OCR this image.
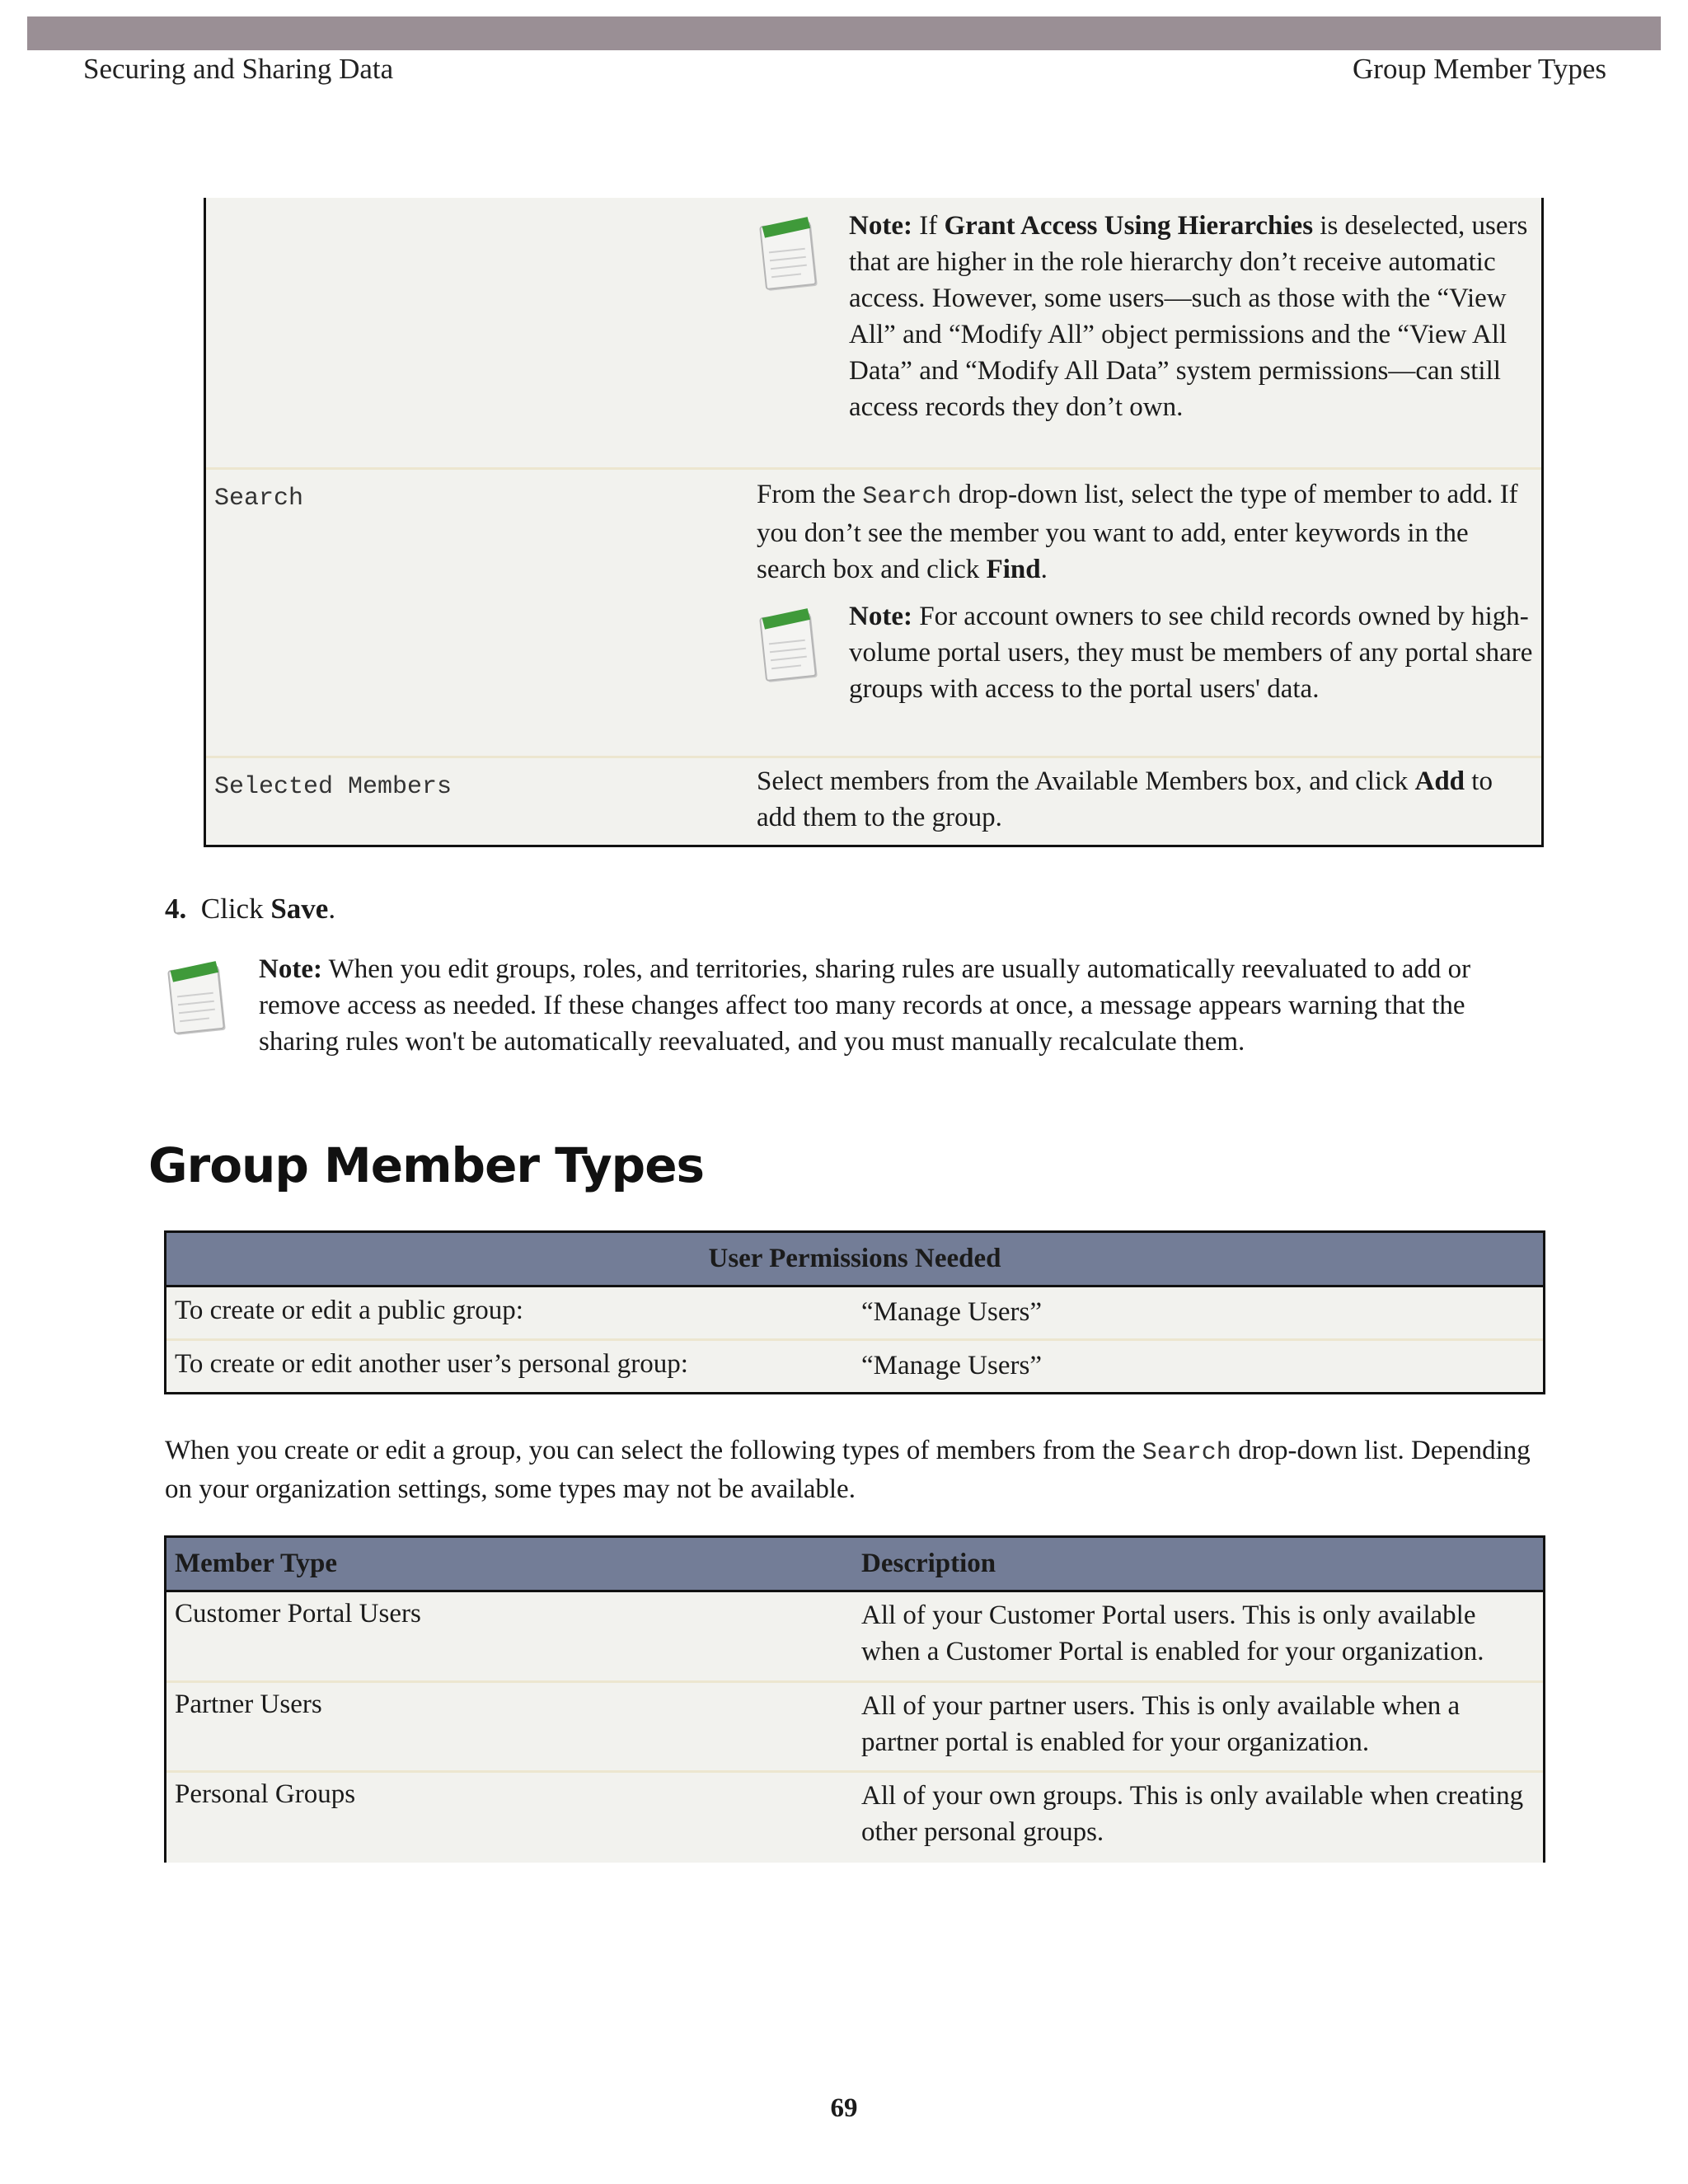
Securing and Sharing Data	Group Member Types
Note: If Grant Access Using Hierarchies is deselected, users that are higher in the role hierarchy don’t receive automatic access. However, some users—such as those with the “View All” and “Modify All” object permissions and the “View All Data” and “Modify All Data” system permissions—can still access records they don’t own.
Search	From the Search drop-down list, select the type of member to add. If you don’t see the member you want to add, enter keywords in the search box and click Find.
Note: For account owners to see child records owned by high-volume portal users, they must be members of any portal share groups with access to the portal users' data.
Selected Members	Select members from the Available Members box, and click Add to add them to the group.
4. Click Save.
Note: When you edit groups, roles, and territories, sharing rules are usually automatically reevaluated to add or remove access as needed. If these changes affect too many records at once, a message appears warning that the sharing rules won't be automatically reevaluated, and you must manually recalculate them.
Group Member Types
User Permissions Needed
To create or edit a public group:	“Manage Users”
To create or edit another user’s personal group:	“Manage Users”
When you create or edit a group, you can select the following types of members from the Search drop-down list. Depending on your organization settings, some types may not be available.
Member Type	Description
Customer Portal Users	All of your Customer Portal users. This is only available when a Customer Portal is enabled for your organization.
Partner Users	All of your partner users. This is only available when a partner portal is enabled for your organization.
Personal Groups	All of your own groups. This is only available when creating other personal groups.
69
